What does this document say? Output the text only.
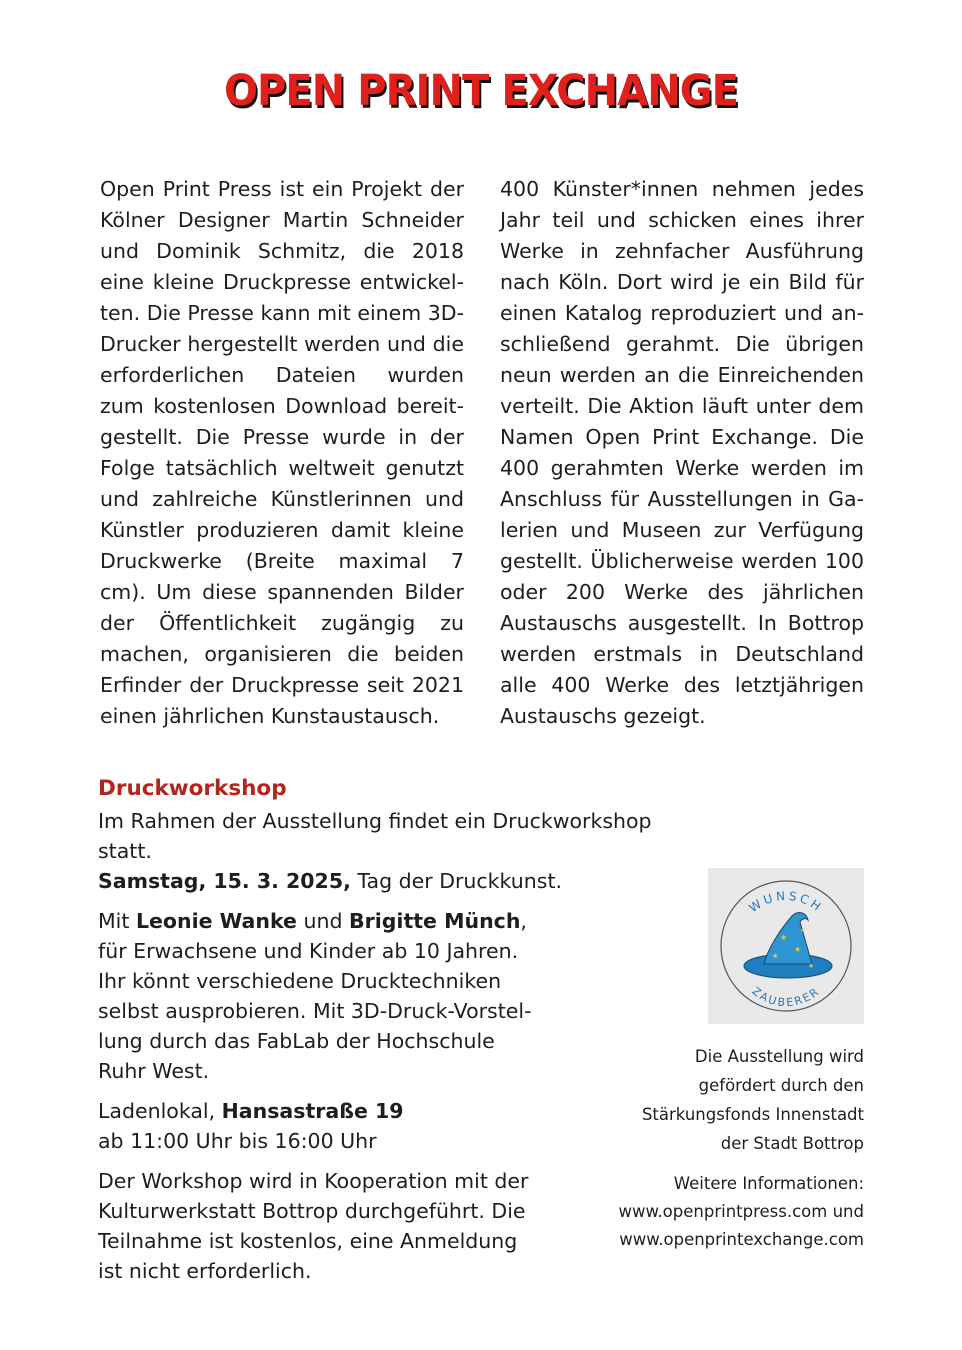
OPEN PRINT EXCHANGE

Open Print Press ist ein Projekt der Kölner Designer Martin Schneider und Dominik Schmitz, die 2018 eine kleine Druckpresse entwickelten. Die Presse kann mit einem 3D-Drucker hergestellt werden und die erforderlichen Dateien wurden zum kostenlosen Download bereitgestellt. Die Presse wurde in der Folge tatsächlich weltweit genutzt und zahlreiche Künstlerinnen und Künstler produzieren damit kleine Druckwerke (Breite maximal 7 cm). Um diese spannenden Bilder der Öffentlichkeit zugängig zu machen, organisieren die beiden Erfinder der Druckpresse seit 2021 einen jährlichen Kunstaustausch.

400 Künster*innen nehmen jedes Jahr teil und schicken eines ihrer Werke in zehnfacher Ausführung nach Köln. Dort wird je ein Bild für einen Katalog reproduziert und anschließend gerahmt. Die übrigen neun werden an die Einreichenden verteilt. Die Aktion läuft unter dem Namen Open Print Exchange. Die 400 gerahmten Werke werden im Anschluss für Ausstellungen in Galerien und Museen zur Verfügung gestellt. Üblicherweise werden 100 oder 200 Werke des jährlichen Austauschs ausgestellt. In Bottrop werden erstmals in Deutschland alle 400 Werke des letztjährigen Austauschs gezeigt.

Druckworkshop

Im Rahmen der Ausstellung findet ein Druckworkshop statt.

Samstag, 15. 3. 2025, Tag der Druckkunst.

Mit Leonie Wanke und Brigitte Münch,

für Erwachsene und Kinder ab 10 Jahren.

Ihr könnt verschiedene Drucktechniken

selbst ausprobieren. Mit 3D-Druck-Vorstel-

lung durch das FabLab der Hochschule

Ruhr West.

Ladenlokal, Hansastraße 19

ab 11:00 Uhr bis 16:00 Uhr

Der Workshop wird in Kooperation mit der

Kulturwerkstatt Bottrop durchgeführt. Die

Teilnahme ist kostenlos, eine Anmeldung

ist nicht erforderlich.

WUNSCH
ZAUBERER
★
★
★
★
★

Die Ausstellung wird

gefördert durch den

Stärkungsfonds Innenstadt

der Stadt Bottrop

Weitere Informationen:

www.openprintpress.com und

www.openprintexchange.com
